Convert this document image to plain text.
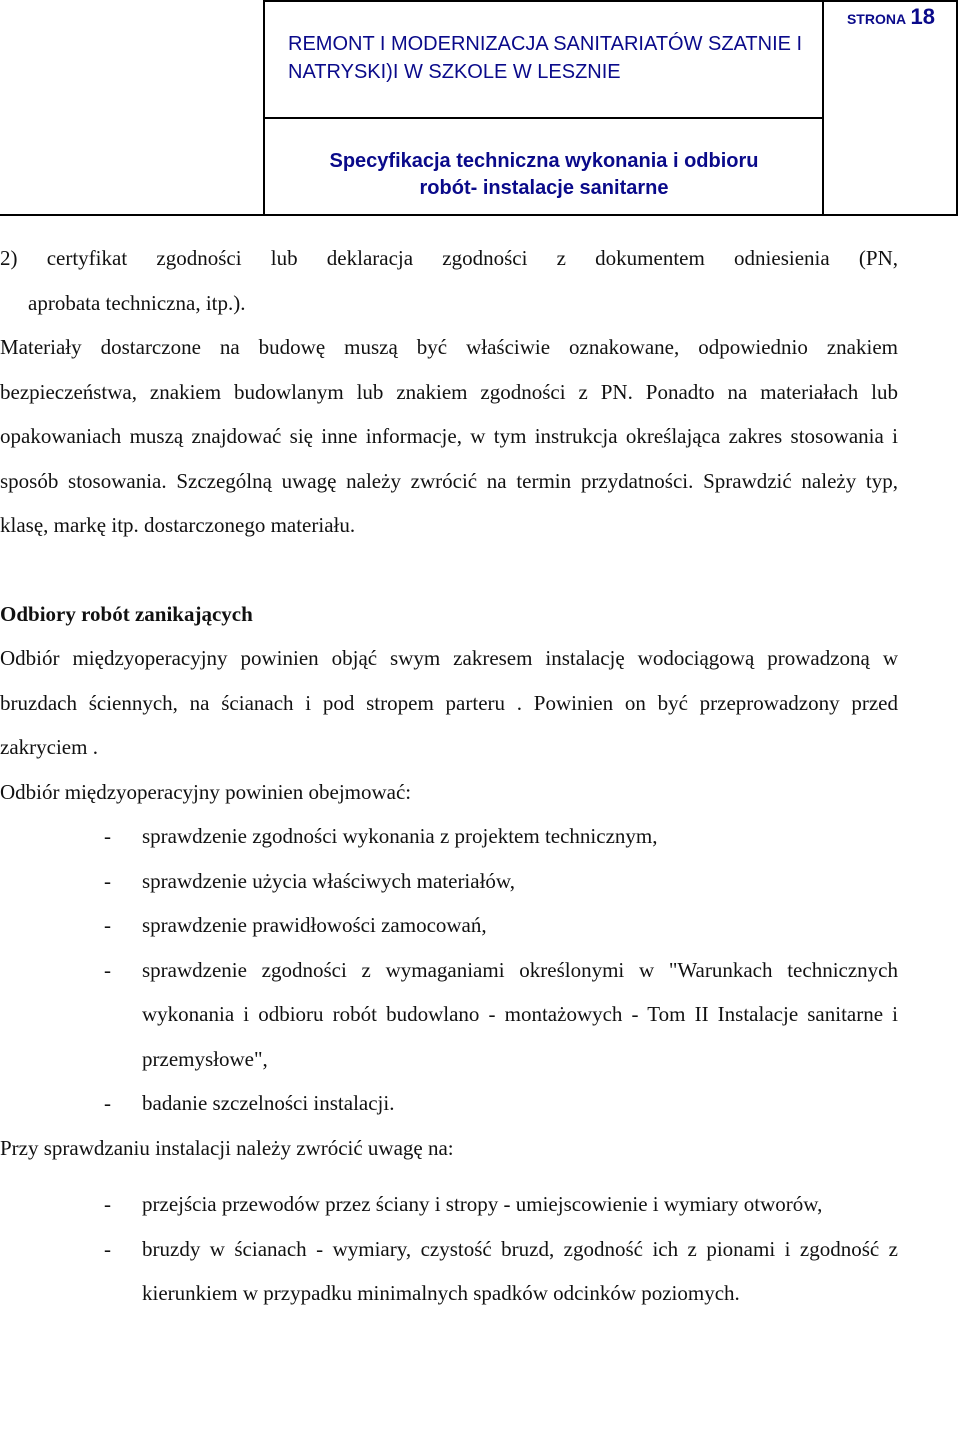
REMONT I MODERNIZACJA SANITARIATÓW SZATNIE I NATRYSKI)I W SZKOLE W LESZNIE
STRONA 18
Specyfikacja techniczna wykonania i odbioru
robót- instalacje sanitarne

2) certyfikat zgodności lub deklaracja zgodności z dokumentem odniesienia (PN,

aprobata techniczna, itp.).

Materiały dostarczone na budowę muszą być właściwie oznakowane, odpowiednio znakiem bezpieczeństwa, znakiem budowlanym lub znakiem zgodności z PN. Ponadto na materiałach lub opakowaniach muszą znajdować się inne informacje, w tym instrukcja określająca zakres stosowania i sposób stosowania. Szczególną uwagę należy zwrócić na termin przydatności. Sprawdzić należy typ, klasę, markę itp. dostarczonego materiału.

Odbiory robót zanikających

Odbiór międzyoperacyjny powinien objąć swym zakresem instalację wodociągową prowadzoną w bruzdach ściennych, na ścianach i pod stropem parteru . Powinien on być przeprowadzony przed zakryciem .

Odbiór międzyoperacyjny powinien obejmować:

- sprawdzenie zgodności wykonania z projektem technicznym,
- sprawdzenie użycia właściwych materiałów,
- sprawdzenie prawidłowości zamocowań,
- sprawdzenie zgodności z wymaganiami określonymi w "Warunkach technicznych wykonania i odbioru robót budowlano - montażowych - Tom II Instalacje sanitarne i przemysłowe",
- badanie szczelności instalacji.

Przy sprawdzaniu instalacji należy zwrócić uwagę na:

- przejścia przewodów przez ściany i stropy - umiejscowienie i wymiary otworów,
- bruzdy w ścianach - wymiary, czystość bruzd, zgodność ich z pionami i zgodność z kierunkiem w przypadku minimalnych spadków odcinków poziomych.
